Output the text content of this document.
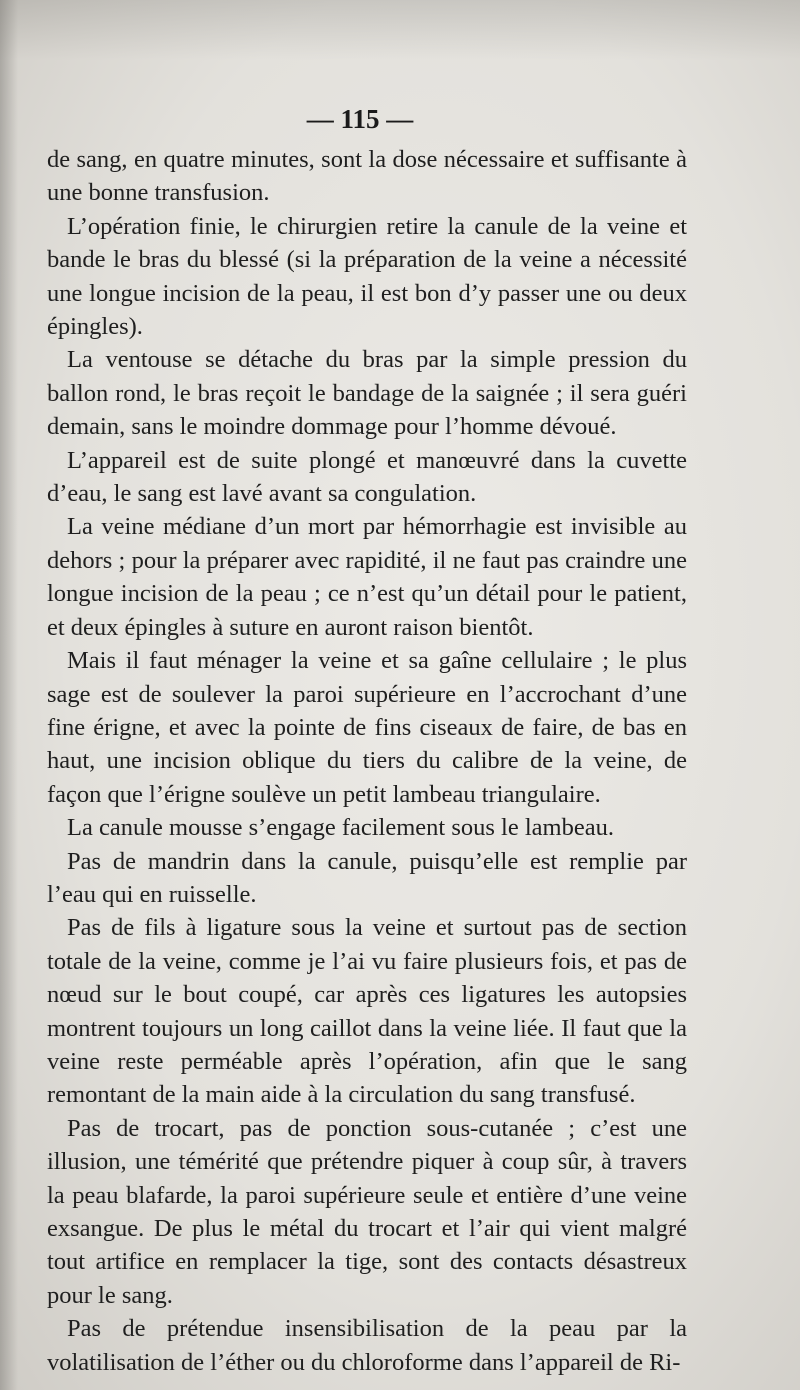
— 115 —

de sang, en quatre minutes, sont la dose nécessaire et suffisante à une bonne transfusion.

L’opération finie, le chirurgien retire la canule de la veine et bande le bras du blessé (si la préparation de la veine a nécessité une longue incision de la peau, il est bon d’y passer une ou deux épingles).

La ventouse se détache du bras par la simple pression du ballon rond, le bras reçoit le bandage de la saignée ; il sera guéri demain, sans le moindre dommage pour l’homme dévoué.

L’appareil est de suite plongé et manœuvré dans la cuvette d’eau, le sang est lavé avant sa congulation.

La veine médiane d’un mort par hémorrhagie est invisible au dehors ; pour la préparer avec rapidité, il ne faut pas craindre une longue incision de la peau ; ce n’est qu’un détail pour le patient, et deux épingles à suture en auront raison bientôt.

Mais il faut ménager la veine et sa gaîne cellulaire ; le plus sage est de soulever la paroi supérieure en l’accrochant d’une fine érigne, et avec la pointe de fins ciseaux de faire, de bas en haut, une incision oblique du tiers du calibre de la veine, de façon que l’érigne soulève un petit lambeau triangulaire.

La canule mousse s’engage facilement sous le lambeau.

Pas de mandrin dans la canule, puisqu’elle est remplie par l’eau qui en ruisselle.

Pas de fils à ligature sous la veine et surtout pas de section totale de la veine, comme je l’ai vu faire plusieurs fois, et pas de nœud sur le bout coupé, car après ces ligatures les autopsies montrent toujours un long caillot dans la veine liée. Il faut que la veine reste perméable après l’opération, afin que le sang remontant de la main aide à la circulation du sang transfusé.

Pas de trocart, pas de ponction sous-cutanée ; c’est une illusion, une témérité que prétendre piquer à coup sûr, à travers la peau blafarde, la paroi supérieure seule et entière d’une veine exsangue. De plus le métal du trocart et l’air qui vient malgré tout artifice en remplacer la tige, sont des contacts désastreux pour le sang.

Pas de prétendue insensibilisation de la peau par la volatilisation de l’éther ou du chloroforme dans l’appareil de Ri-
